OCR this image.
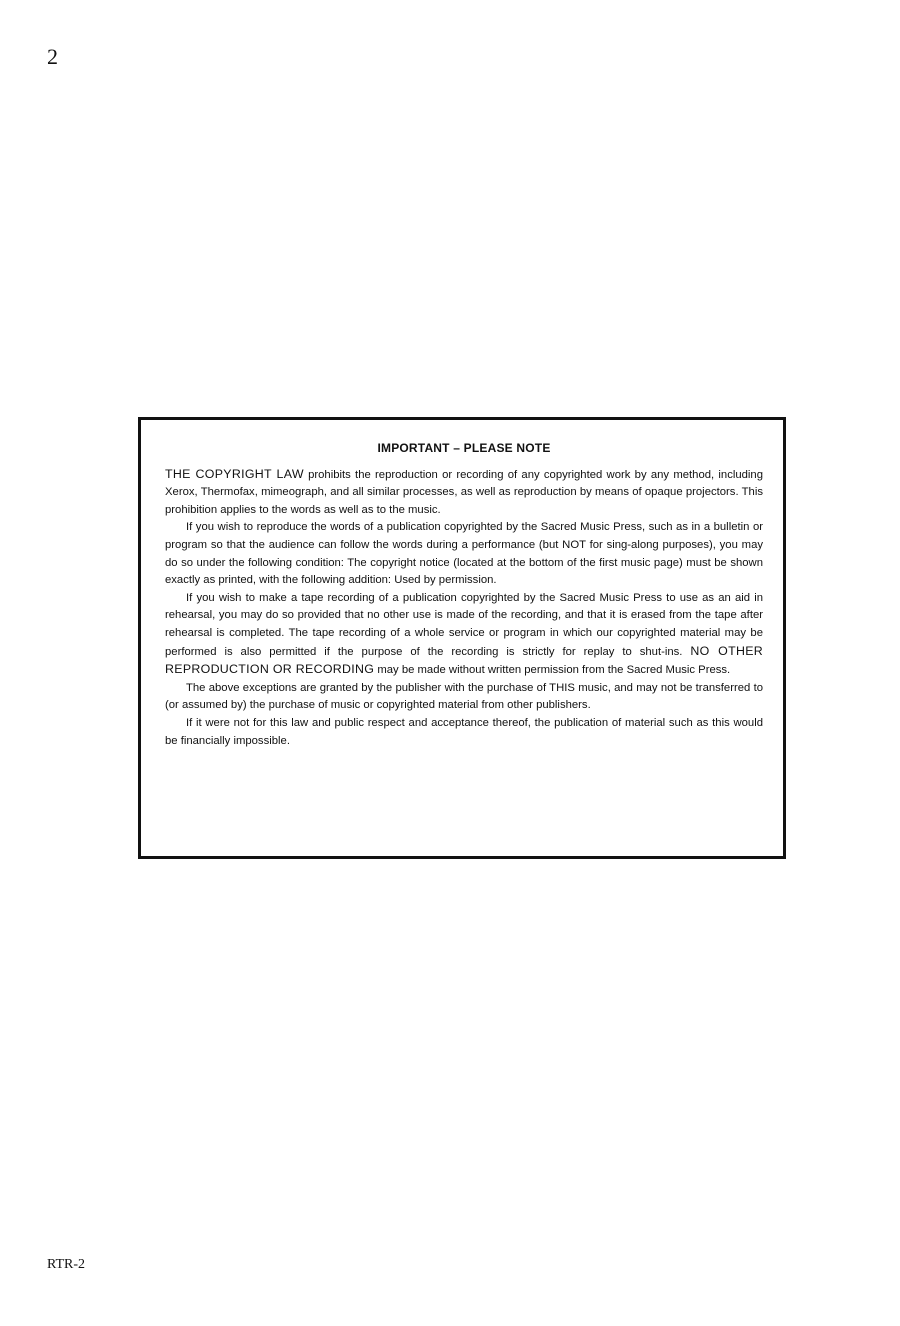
2
IMPORTANT – PLEASE NOTE

THE COPYRIGHT LAW prohibits the reproduction or recording of any copyrighted work by any method, including Xerox, Thermofax, mimeograph, and all similar processes, as well as reproduction by means of opaque projectors. This prohibition applies to the words as well as to the music.

If you wish to reproduce the words of a publication copyrighted by the Sacred Music Press, such as in a bulletin or program so that the audience can follow the words during a performance (but NOT for sing-along purposes), you may do so under the following condition: The copyright notice (located at the bottom of the first music page) must be shown exactly as printed, with the following addition: Used by permission.

If you wish to make a tape recording of a publication copyrighted by the Sacred Music Press to use as an aid in rehearsal, you may do so provided that no other use is made of the recording, and that it is erased from the tape after rehearsal is completed. The tape recording of a whole service or program in which our copyrighted material may be performed is also permitted if the purpose of the recording is strictly for replay to shut-ins. NO OTHER REPRODUCTION OR RECORDING may be made without written permission from the Sacred Music Press.

The above exceptions are granted by the publisher with the purchase of THIS music, and may not be transferred to (or assumed by) the purchase of music or copyrighted material from other publishers.

If it were not for this law and public respect and acceptance thereof, the publication of material such as this would be financially impossible.

RTR-2
